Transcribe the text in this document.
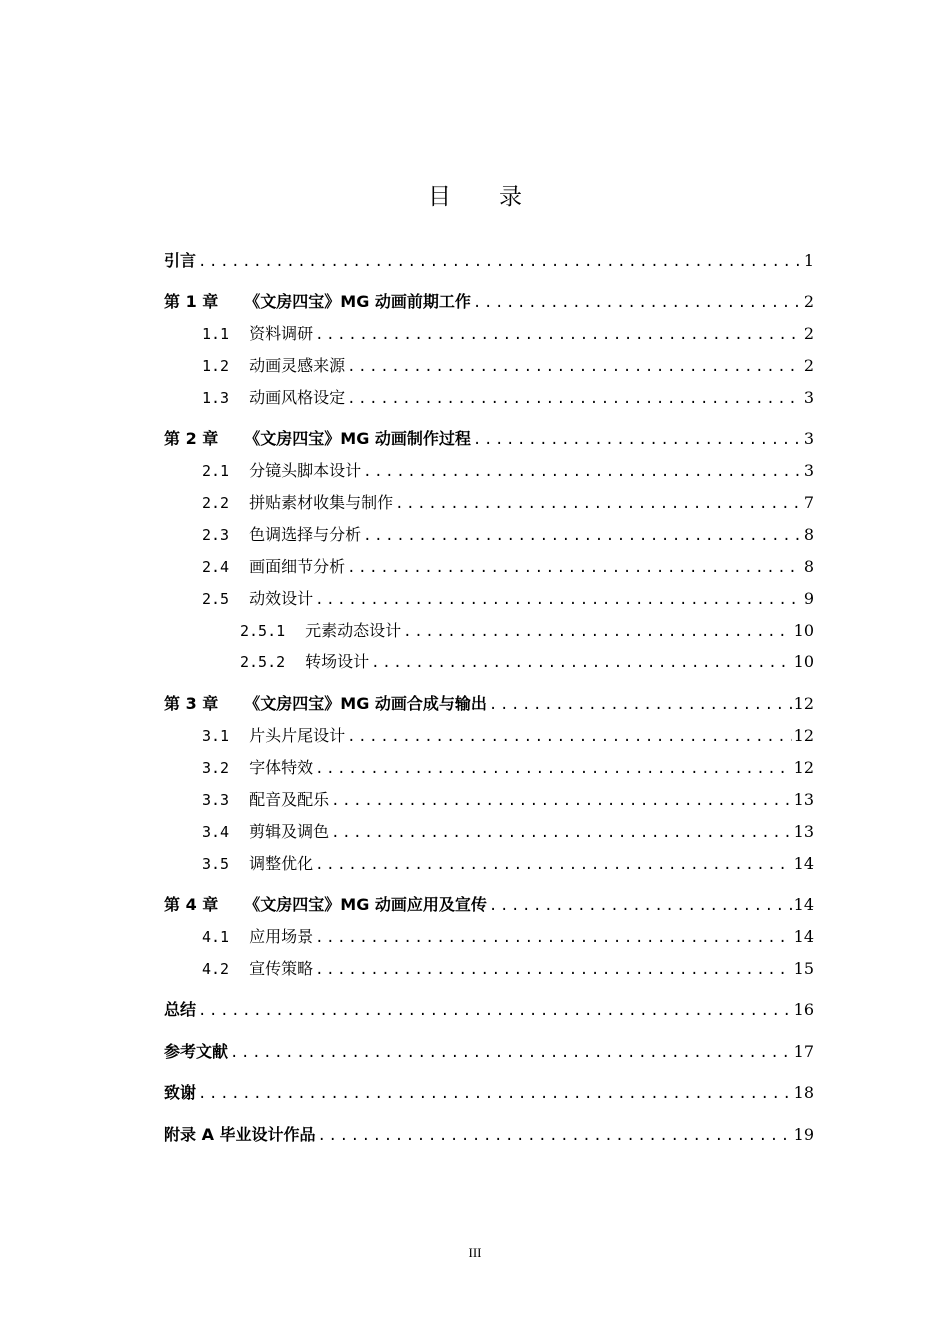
目 录
引言 .....	1
第 1 章 《文房四宝》MG 动画前期工作 .....	2
1.1 资料调研 .....	2
1.2 动画灵感来源 .....	2
1.3 动画风格设定 .....	3
第 2 章 《文房四宝》MG 动画制作过程 .....	3
2.1 分镜头脚本设计 .....	3
2.2 拼贴素材收集与制作 .....	7
2.3 色调选择与分析 .....	8
2.4 画面细节分析 .....	8
2.5 动效设计 .....	9
2.5.1 元素动态设计 .....	10
2.5.2 转场设计 .....	10
第 3 章 《文房四宝》MG 动画合成与输出 .....	12
3.1 片头片尾设计 .....	12
3.2 字体特效 .....	12
3.3 配音及配乐 .....	13
3.4 剪辑及调色 .....	13
3.5 调整优化 .....	14
第 4 章 《文房四宝》MG 动画应用及宣传 .....	14
4.1 应用场景 .....	14
4.2 宣传策略 .....	15
总结 .....	16
参考文献 .....	17
致谢 .....	18
附录 A 毕业设计作品 .....	19
III
